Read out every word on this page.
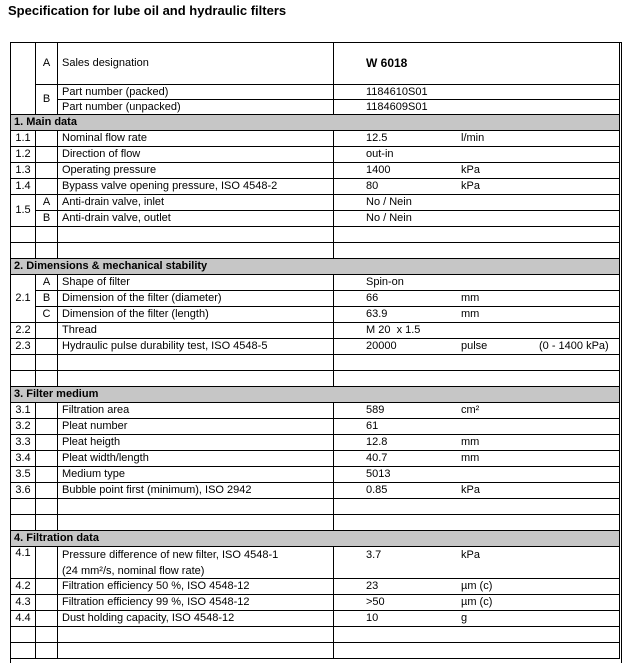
Specification for lube oil and hydraulic filters
	A	Sales designation	W 6018
	B	Part number (packed)	1184610S01
		Part number (unpacked)	1184609S01
1. Main data			
1.1		Nominal flow rate	12.5 l/min
1.2		Direction of flow	out-in
1.3		Operating pressure	1400 kPa
1.4		Bypass valve opening pressure, ISO 4548-2	80 kPa
1.5	A	Anti-drain valve, inlet	No / Nein
	B	Anti-drain valve, outlet	No / Nein

2. Dimensions & mechanical stability			
2.1	A	Shape of filter	Spin-on
	B	Dimension of the filter (diameter)	66 mm
	C	Dimension of the filter (length)	63.9 mm
2.2		Thread	M 20  x 1.5
2.3		Hydraulic pulse durability test, ISO 4548-5	20000 pulse (0 - 1400 kPa)

3. Filter medium			
3.1		Filtration area	589 cm²
3.2		Pleat number	61
3.3		Pleat heigth	12.8 mm
3.4		Pleat width/length	40.7 mm
3.5		Medium type	5013
3.6		Bubble point first (minimum), ISO 2942	0.85 kPa

4. Filtration data			
4.1		Pressure difference of new filter, ISO 4548-1
(24 mm²/s, nominal flow rate)	3.7 kPa
4.2		Filtration efficiency 50 %, ISO 4548-12	23 µm (c)
4.3		Filtration efficiency 99 %, ISO 4548-12	>50 µm (c)
4.4		Dust holding capacity, ISO 4548-12	10 g
